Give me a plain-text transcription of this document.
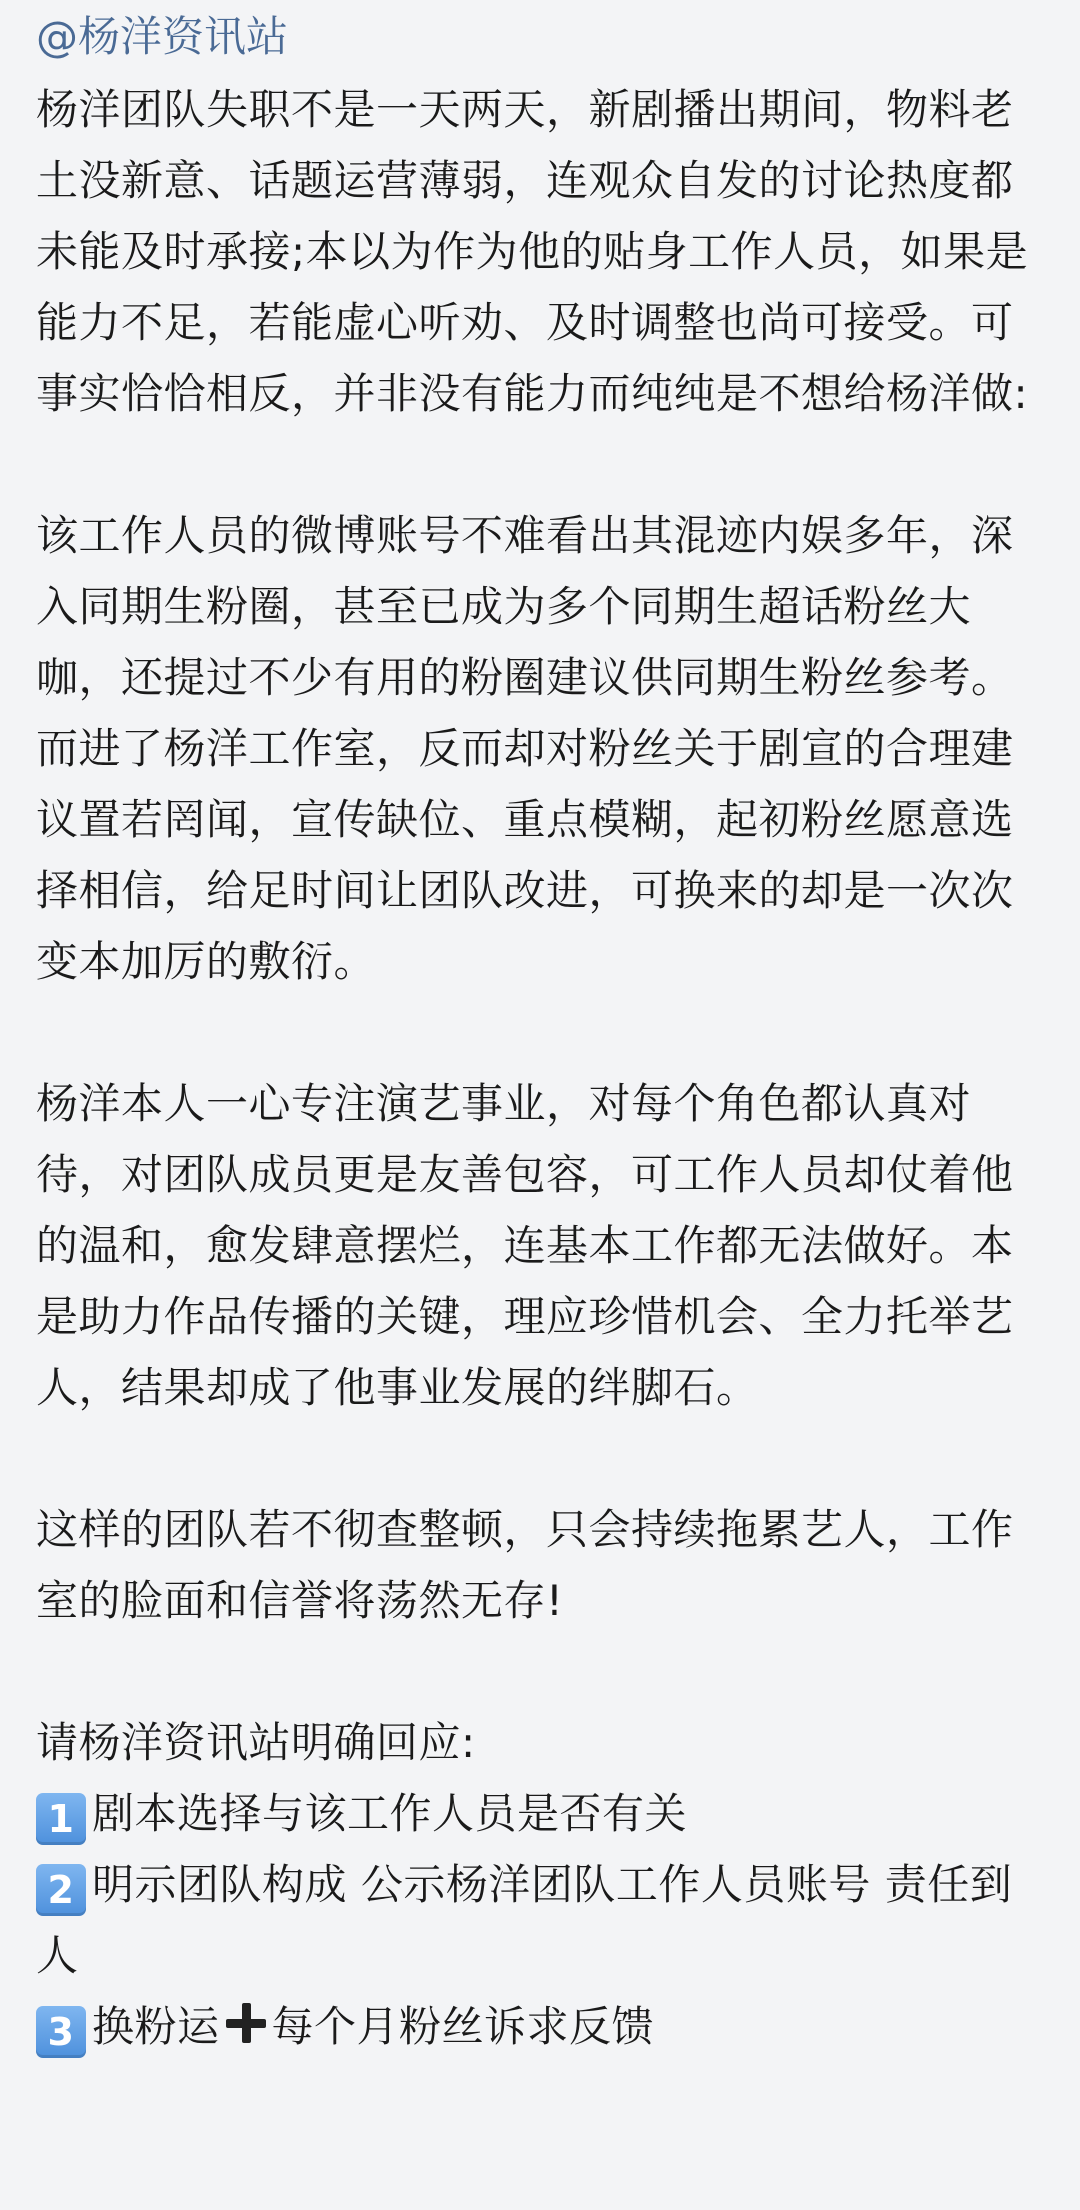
@杨洋资讯站

杨洋团队失职不是一天两天，新剧播出期间，物料老土没新意、话题运营薄弱，连观众自发的讨论热度都未能及时承接;本以为作为他的贴身工作人员，如果是能力不足，若能虚心听劝、及时调整也尚可接受。可事实恰恰相反，并非没有能力而纯纯是不想给杨洋做:

该工作人员的微博账号不难看出其混迹内娱多年，深入同期生粉圈，甚至已成为多个同期生超话粉丝大咖，还提过不少有用的粉圈建议供同期生粉丝参考。而进了杨洋工作室，反而却对粉丝关于剧宣的合理建议置若罔闻，宣传缺位、重点模糊，起初粉丝愿意选择相信，给足时间让团队改进，可换来的却是一次次变本加厉的敷衍。

杨洋本人一心专注演艺事业，对每个角色都认真对待，对团队成员更是友善包容，可工作人员却仗着他的温和，愈发肆意摆烂，连基本工作都无法做好。本是助力作品传播的关键，理应珍惜机会、全力托举艺人，结果却成了他事业发展的绊脚石。

这样的团队若不彻查整顿，只会持续拖累艺人，工作室的脸面和信誉将荡然无存!

请杨洋资讯站明确回应:

1 剧本选择与该工作人员是否有关

2 明示团队构成 公示杨洋团队工作人员账号 责任到人

3 换粉运 每个月粉丝诉求反馈
